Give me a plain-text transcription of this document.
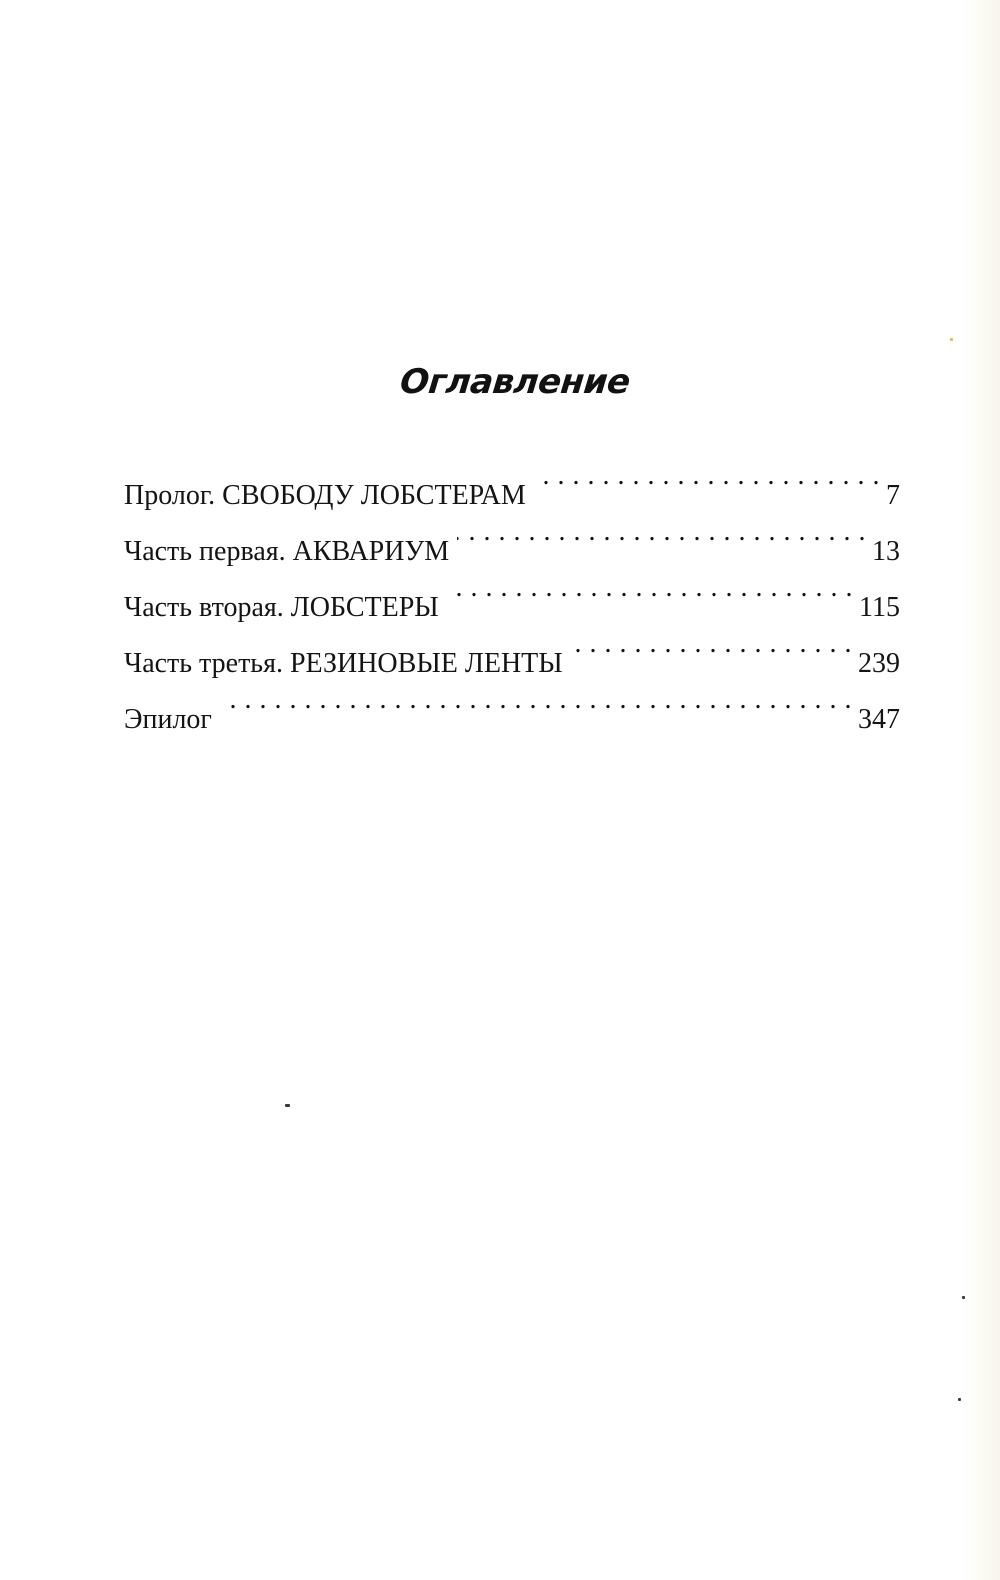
Оглавление
Пролог. СВОБОДУ ЛОБСТЕРАМ . . .	7
Часть первая. АКВАРИУМ . . .	13
Часть вторая. ЛОБСТЕРЫ . . .	115
Часть третья. РЕЗИНОВЫЕ ЛЕНТЫ . . .	239
Эпилог . . .	347
